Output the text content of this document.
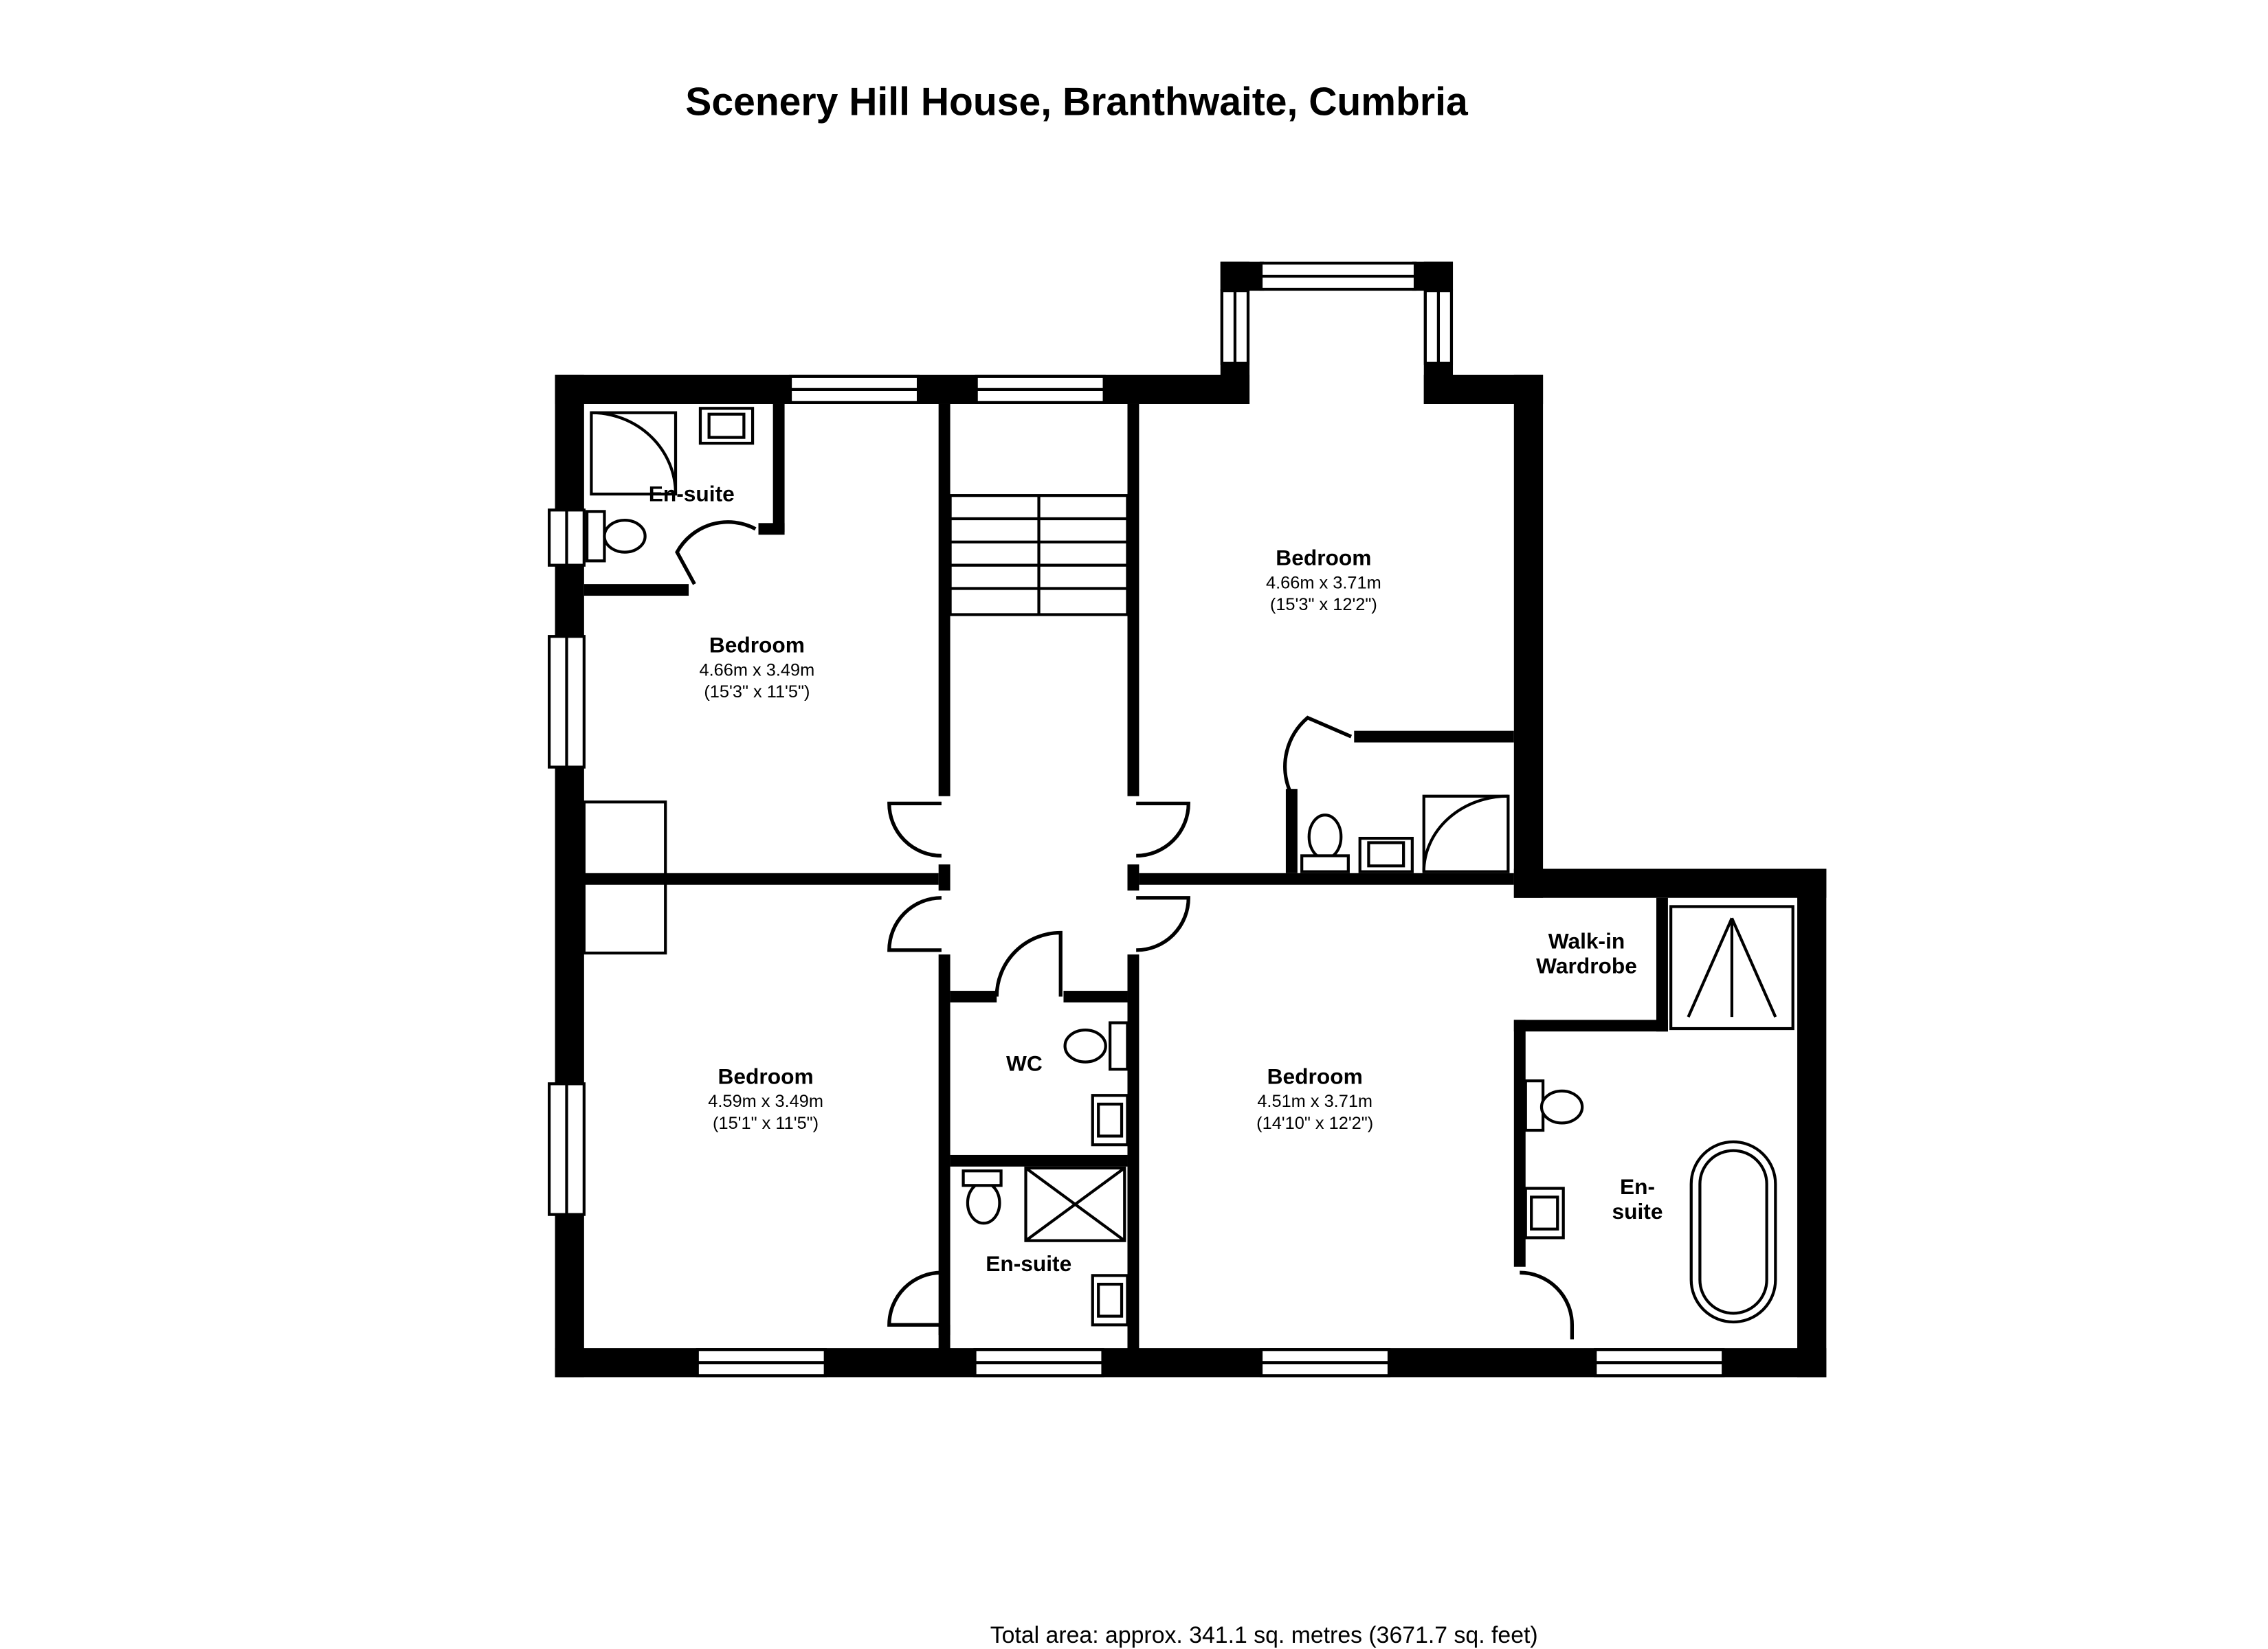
Scenery Hill House, Branthwaite, Cumbria
En-suite
Bedroom
4.66m x 3.49m
(15'3" x 11'5")
Bedroom
4.66m x 3.71m
(15'3" x 12'2")
Walk-in
Wardrobe
WC
Bedroom
4.59m x 3.49m
(15'1" x 11'5")
En-suite
Bedroom
4.51m x 3.71m
(14'10" x 12'2")
En-
suite
Total area: approx. 341.1 sq. metres (3671.7 sq. feet)
